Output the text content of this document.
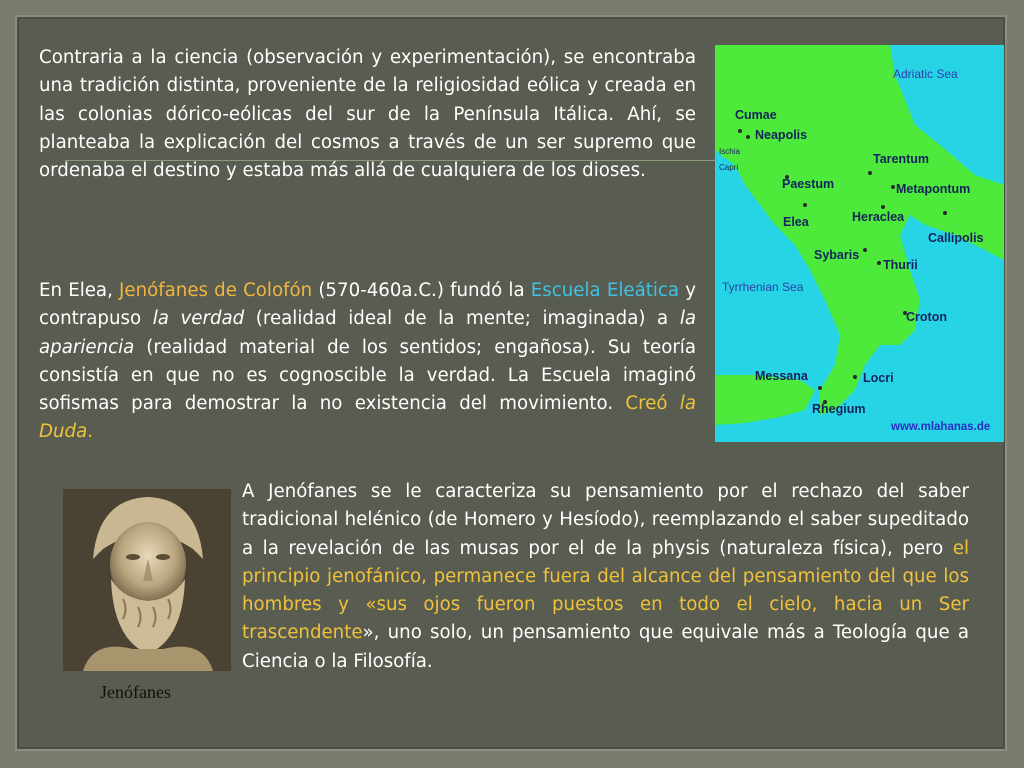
Contraria a la ciencia (observación y experimentación), se encontraba una tradición distinta, proveniente de la religiosidad eólica y creada en las colonias dórico-eólicas del sur de la Península Itálica. Ahí, se planteaba la explicación del cosmos a través de un ser supremo que ordenaba el destino y estaba más allá de cualquiera de los dioses.

En Elea, Jenófanes de Colofón (570-460a.C.) fundó la Escuela Eleática y contrapuso la verdad (realidad ideal de la mente; imaginada) a la apariencia (realidad material de los sentidos; engañosa). Su teoría consistía en que no es cognoscible la verdad. La Escuela imaginó sofismas para demostrar la no existencia del movimiento. Creó la Duda.

A Jenófanes se le caracteriza su pensamiento por el rechazo del saber tradicional helénico (de Homero y Hesíodo), reemplazando el saber supeditado a la revelación de las musas por el de la physis (naturaleza física), pero el principio jenofánico, permanece fuera del alcance del pensamiento del que los hombres y «sus ojos fueron puestos en todo el cielo, hacia un Ser trascendente», uno solo, un pensamiento que equivale más a Teología que a Ciencia o la Filosofía.

Adriatic Sea
Tyrrhenian Sea
Cumae
Neapolis
Ischia
Capri
Tarentum
Paestum	Metapontum
Elea	Heraclea
Callipolis
Sybaris
Thurii
Croton
Messana	Locri
Rhegium
www.mlahanas.de
Jenófanes
